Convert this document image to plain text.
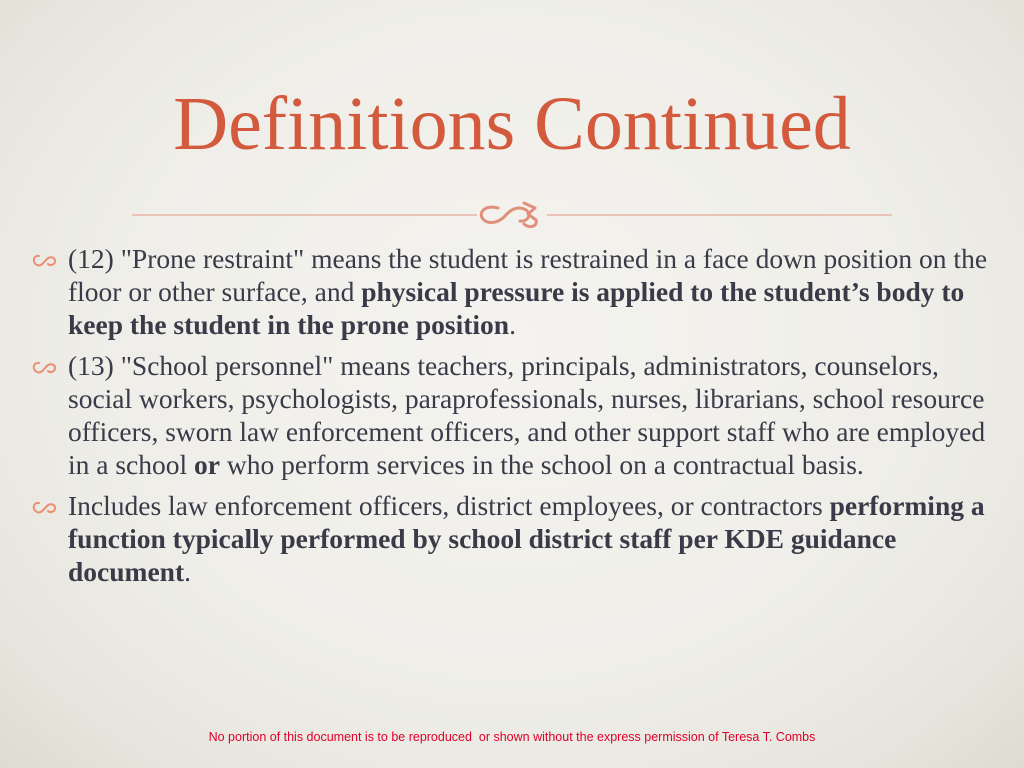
Definitions Continued
(12) "Prone restraint" means the student is restrained in a face down position on the floor or other surface, and physical pressure is applied to the student’s body to keep the student in the prone position.
(13) "School personnel" means teachers, principals, administrators, counselors, social workers, psychologists, paraprofessionals, nurses, librarians, school resource officers, sworn law enforcement officers, and other support staff who are employed in a school or who perform services in the school on a contractual basis.
Includes law enforcement officers, district employees, or contractors performing a function typically performed by school district staff per KDE guidance document.
No portion of this document is to be reproduced  or shown without the express permission of Teresa T. Combs
